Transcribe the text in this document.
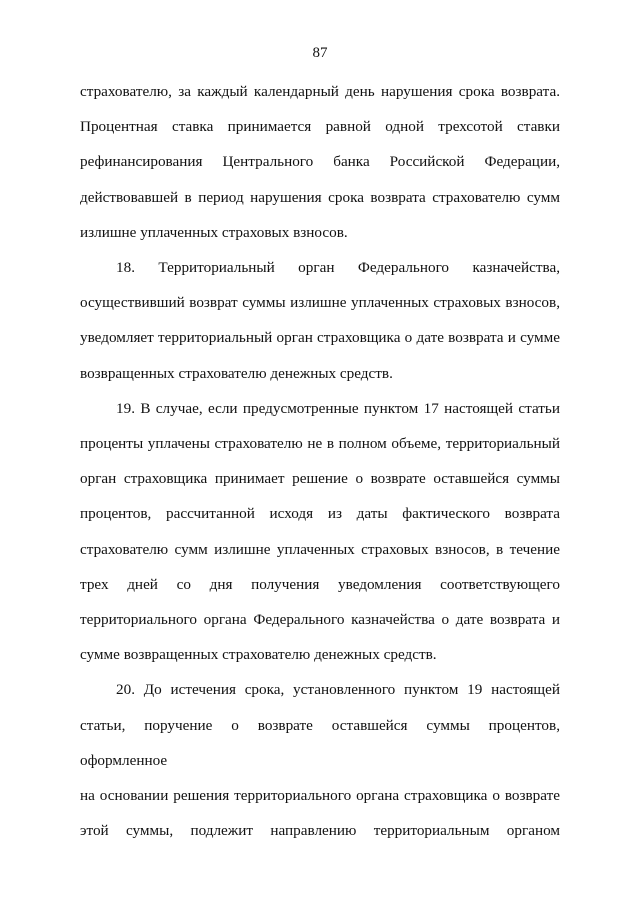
87

страхователю, за каждый календарный день нарушения срока возврата.

Процентная ставка принимается равной одной трехсотой ставки

рефинансирования Центрального банка Российской Федерации,

действовавшей в период нарушения срока возврата страхователю сумм

излишне уплаченных страховых взносов.

18. Территориальный орган Федерального казначейства,

осуществивший возврат суммы излишне уплаченных страховых взносов,

уведомляет территориальный орган страховщика о дате возврата и сумме

возвращенных страхователю денежных средств.

19. В случае, если предусмотренные пунктом 17 настоящей статьи

проценты уплачены страхователю не в полном объеме, территориальный

орган страховщика принимает решение о возврате оставшейся суммы

процентов, рассчитанной исходя из даты фактического возврата

страхователю сумм излишне уплаченных страховых взносов, в течение

трех дней со дня получения уведомления соответствующего

территориального органа Федерального казначейства о дате возврата и

сумме возвращенных страхователю денежных средств.

20. До истечения срока, установленного пунктом 19 настоящей

статьи, поручение о возврате оставшейся суммы процентов, оформленное

на основании решения территориального органа страховщика о возврате

этой суммы, подлежит направлению территориальным органом
